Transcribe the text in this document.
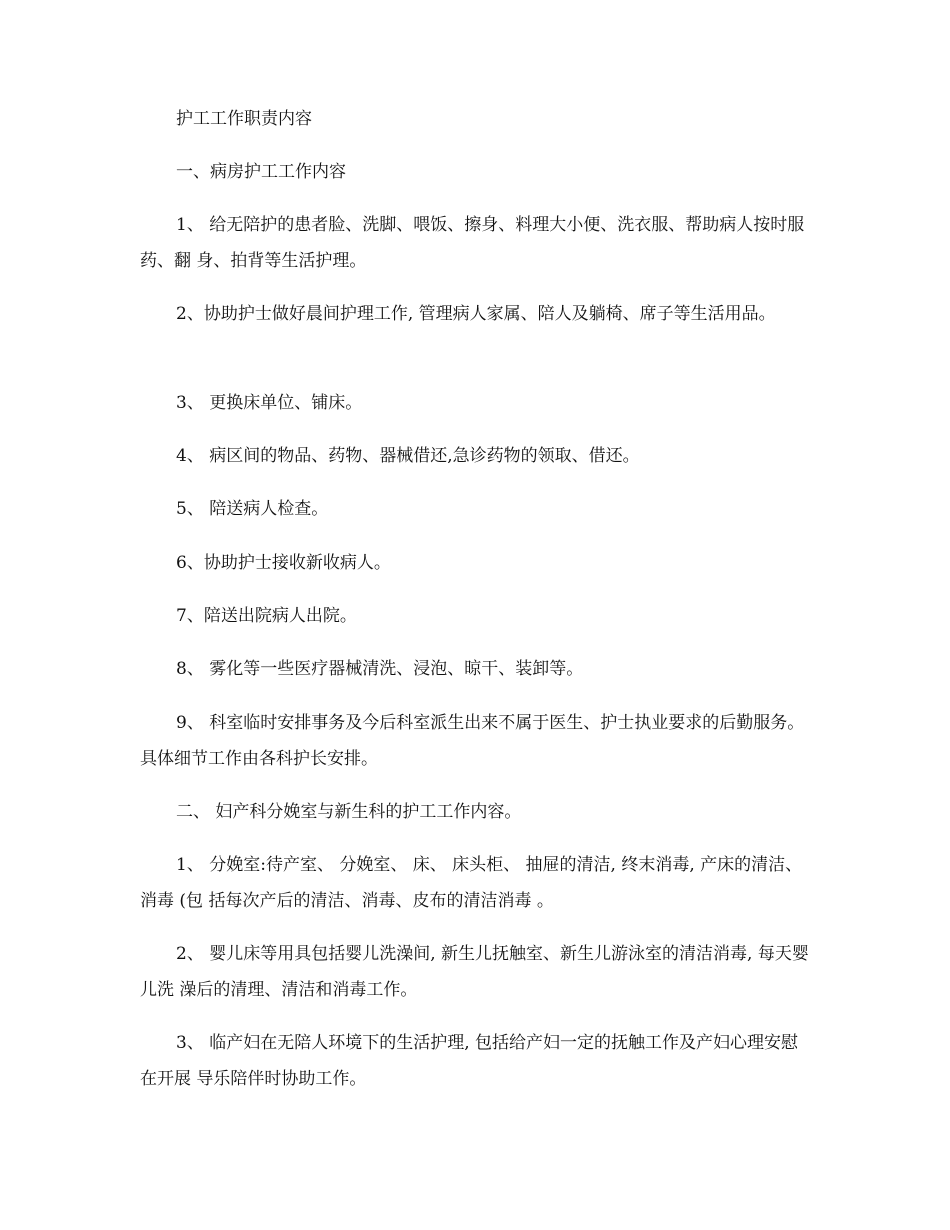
护工工作职责内容

一、病房护工工作内容

1、 给无陪护的患者脸、洗脚、喂饭、擦身、料理大小便、洗衣服、帮助病人按时服药、翻 身、拍背等生活护理。

2、协助护士做好晨间护理工作, 管理病人家属、陪人及躺椅、席子等生活用品。

3、 更换床单位、铺床。

4、 病区间的物品、药物、器械借还,急诊药物的领取、借还。

5、 陪送病人检查。

6、协助护士接收新收病人。

7、陪送出院病人出院。

8、 雾化等一些医疗器械清洗、浸泡、晾干、装卸等。

9、 科室临时安排事务及今后科室派生出来不属于医生、护士执业要求的后勤服务。 具体细节工作由各科护长安排。

二、 妇产科分娩室与新生科的护工工作内容。

1、 分娩室:待产室、 分娩室、 床、 床头柜、 抽屉的清洁, 终末消毒, 产床的清洁、 消毒 (包 括每次产后的清洁、消毒、皮布的清洁消毒 。

2、 婴儿床等用具包括婴儿洗澡间, 新生儿抚触室、新生儿游泳室的清洁消毒, 每天婴儿洗 澡后的清理、清洁和消毒工作。

3、 临产妇在无陪人环境下的生活护理, 包括给产妇一定的抚触工作及产妇心理安慰在开展 导乐陪伴时协助工作。
